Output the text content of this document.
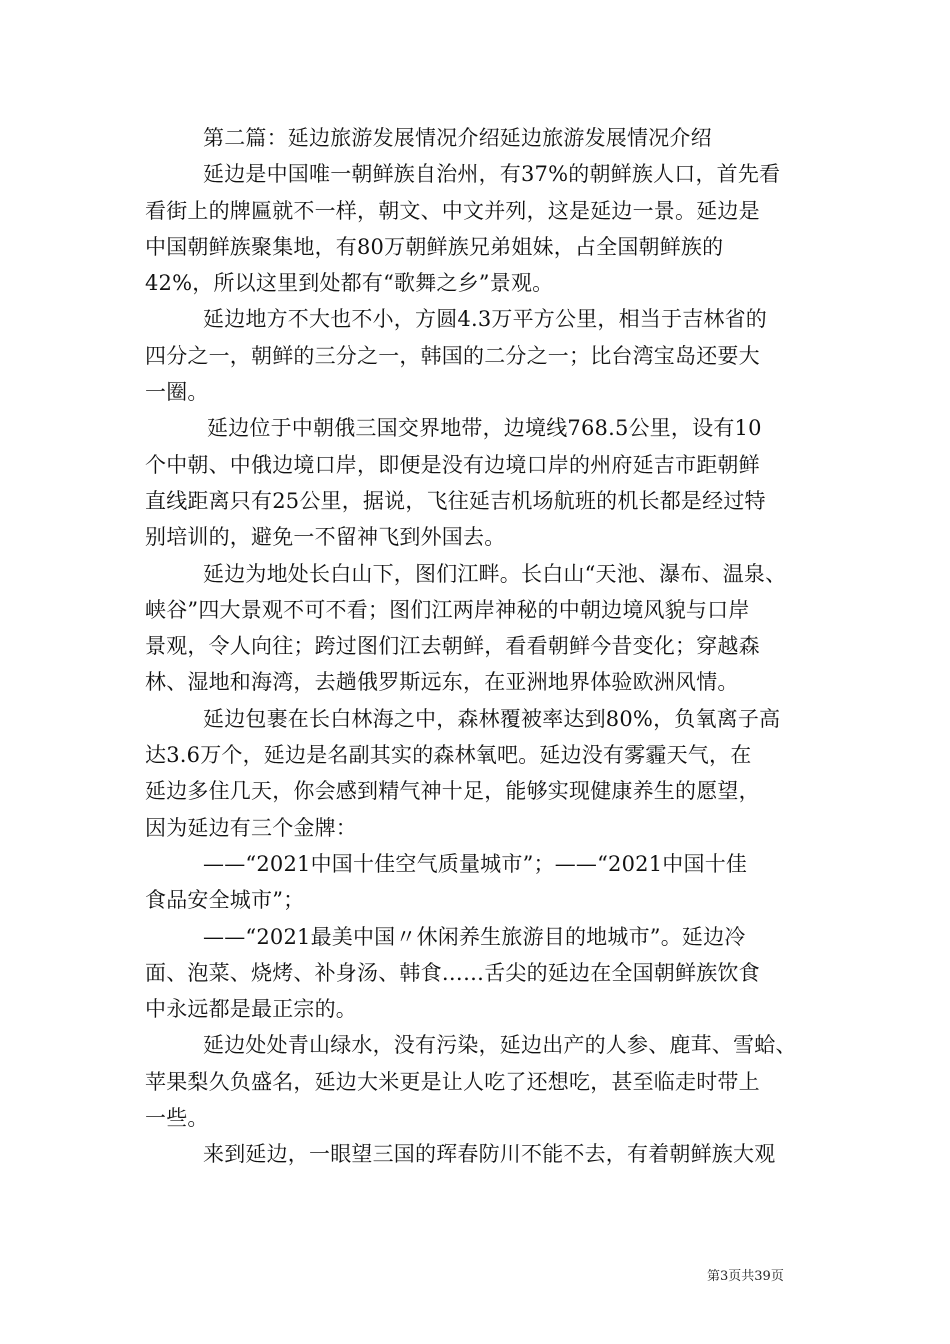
第二篇：延边旅游发展情况介绍延边旅游发展情况介绍
延边是中国唯一朝鲜族自治州，有37%的朝鲜族人口，首先看
看街上的牌匾就不一样，朝文、中文并列，这是延边一景。延边是
中国朝鲜族聚集地，有80万朝鲜族兄弟姐妹，占全国朝鲜族的
42%，所以这里到处都有“歌舞之乡”景观。
延边地方不大也不小，方圆4.3万平方公里，相当于吉林省的
四分之一，朝鲜的三分之一，韩国的二分之一；比台湾宝岛还要大
一圈。
延边位于中朝俄三国交界地带，边境线768.5公里，设有10
个中朝、中俄边境口岸，即便是没有边境口岸的州府延吉市距朝鲜
直线距离只有25公里，据说，飞往延吉机场航班的机长都是经过特
别培训的，避免一不留神飞到外国去。
延边为地处长白山下，图们江畔。长白山“天池、瀑布、温泉、
峡谷”四大景观不可不看；图们江两岸神秘的中朝边境风貌与口岸
景观，令人向往；跨过图们江去朝鲜，看看朝鲜今昔变化；穿越森
林、湿地和海湾，去趟俄罗斯远东，在亚洲地界体验欧洲风情。
延边包裹在长白林海之中，森林覆被率达到80%，负氧离子高
达3.6万个，延边是名副其实的森林氧吧。延边没有雾霾天气，在
延边多住几天，你会感到精气神十足，能够实现健康养生的愿望，
因为延边有三个金牌：
——“2021中国十佳空气质量城市”；——“2021中国十佳
食品安全城市”；
——“2021最美中国〃休闲养生旅游目的地城市”。延边冷
面、泡菜、烧烤、补身汤、韩食……舌尖的延边在全国朝鲜族饮食
中永远都是最正宗的。
延边处处青山绿水，没有污染，延边出产的人参、鹿茸、雪蛤、
苹果梨久负盛名，延边大米更是让人吃了还想吃，甚至临走时带上
一些。
来到延边，一眼望三国的珲春防川不能不去，有着朝鲜族大观
第3页共39页
